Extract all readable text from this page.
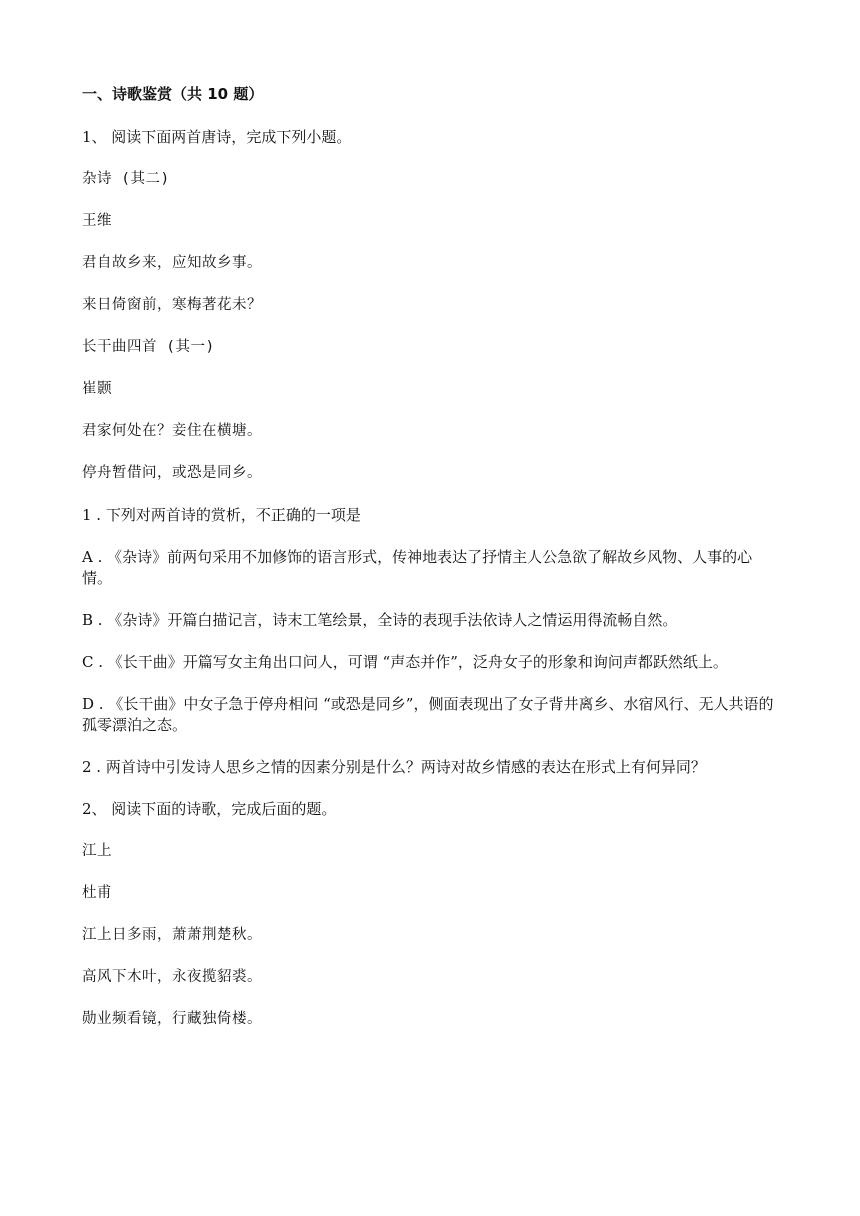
一、诗歌鉴赏（共 10 题）
1、 阅读下面两首唐诗，完成下列小题。
杂诗 (其二)
王维
君自故乡来，应知故乡事。
来日倚窗前，寒梅著花未？
长干曲四首 (其一)
崔颢
君家何处在？妾住在横塘。
停舟暂借问，或恐是同乡。
1 . 下列对两首诗的赏析，不正确的一项是
A . 《杂诗》前两句采用不加修饰的语言形式，传神地表达了抒情主人公急欲了解故乡风物、人事的心情。
B . 《杂诗》开篇白描记言，诗末工笔绘景，全诗的表现手法依诗人之情运用得流畅自然。
C . 《长干曲》开篇写女主角出口问人，可谓 “声态并作”，泛舟女子的形象和询问声都跃然纸上。
D . 《长干曲》中女子急于停舟相问 “或恐是同乡”，侧面表现出了女子背井离乡、水宿风行、无人共语的孤零漂泊之态。
2 . 两首诗中引发诗人思乡之情的因素分别是什么？两诗对故乡情感的表达在形式上有何异同？
2、 阅读下面的诗歌，完成后面的题。
江上
杜甫
江上日多雨，萧萧荆楚秋。
高风下木叶，永夜揽貂裘。
勋业频看镜，行藏独倚楼。
